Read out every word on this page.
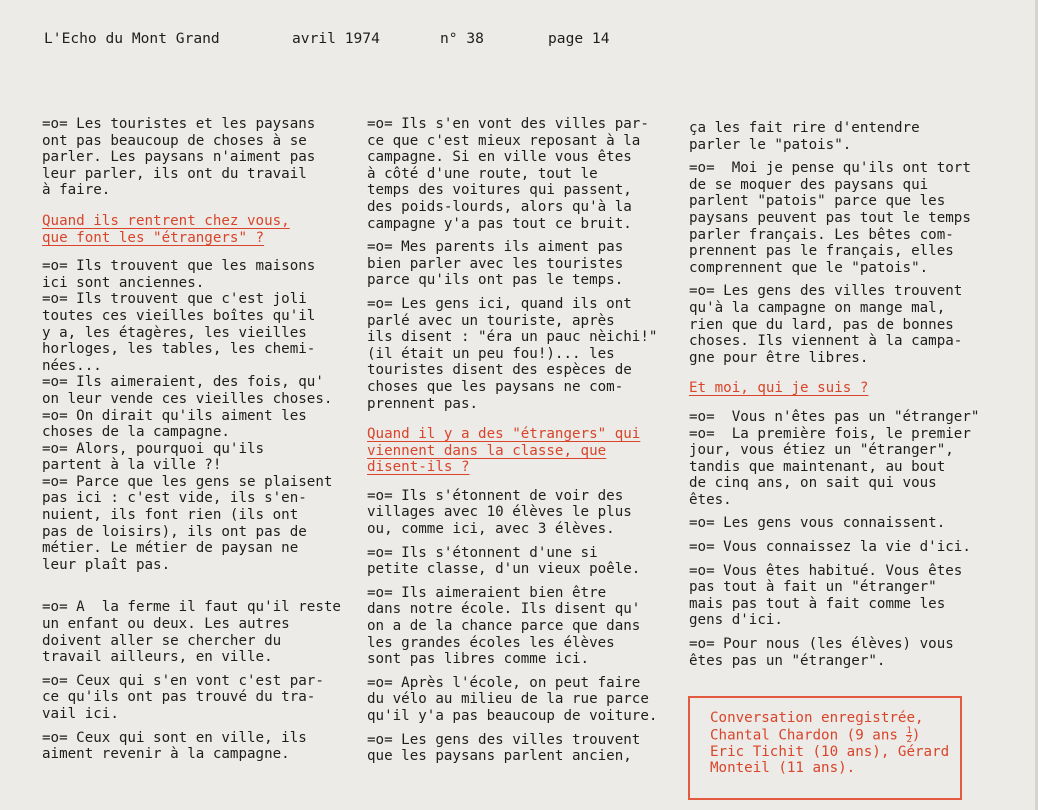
L'Echo du Mont Grand	avril 1974	n° 38	page 14

=o= Les touristes et les paysans
ont pas beaucoup de choses à se
parler. Les paysans n'aiment pas
leur parler, ils ont du travail
à faire.

Quand ils rentrent chez vous,
que font les "étrangers" ?

=o= Ils trouvent que les maisons
ici sont anciennes.
=o= Ils trouvent que c'est joli
toutes ces vieilles boîtes qu'il
y a, les étagères, les vieilles
horloges, les tables, les chemi-
nées...
=o= Ils aimeraient, des fois, qu'
on leur vende ces vieilles choses.
=o= On dirait qu'ils aiment les
choses de la campagne.
=o= Alors, pourquoi qu'ils
partent à la ville ?!
=o= Parce que les gens se plaisent
pas ici : c'est vide, ils s'en-
nuient, ils font rien (ils ont
pas de loisirs), ils ont pas de
métier. Le métier de paysan ne
leur plaît pas.

=o= A  la ferme il faut qu'il reste
un enfant ou deux. Les autres
doivent aller se chercher du
travail ailleurs, en ville.

=o= Ceux qui s'en vont c'est par-
ce qu'ils ont pas trouvé du tra-
vail ici.

=o= Ceux qui sont en ville, ils
aiment revenir à la campagne.

=o= Ils s'en vont des villes par-
ce que c'est mieux reposant à la
campagne. Si en ville vous êtes
à côté d'une route, tout le
temps des voitures qui passent,
des poids-lourds, alors qu'à la
campagne y'a pas tout ce bruit.

=o= Mes parents ils aiment pas
bien parler avec les touristes
parce qu'ils ont pas le temps.

=o= Les gens ici, quand ils ont
parlé avec un touriste, après
ils disent : "éra un pauc nèichi!"
(il était un peu fou!)... les
touristes disent des espèces de
choses que les paysans ne com-
prennent pas.

Quand il y a des "étrangers" qui
viennent dans la classe, que
disent-ils ?

=o= Ils s'étonnent de voir des
villages avec 10 élèves le plus
ou, comme ici, avec 3 élèves.

=o= Ils s'étonnent d'une si
petite classe, d'un vieux poêle.

=o= Ils aimeraient bien être
dans notre école. Ils disent qu'
on a de la chance parce que dans
les grandes écoles les élèves
sont pas libres comme ici.

=o= Après l'école, on peut faire
du vélo au milieu de la rue parce
qu'il y'a pas beaucoup de voiture.

=o= Les gens des villes trouvent
que les paysans parlent ancien,

ça les fait rire d'entendre
parler le "patois".

=o=  Moi je pense qu'ils ont tort
de se moquer des paysans qui
parlent "patois" parce que les
paysans peuvent pas tout le temps
parler français. Les bêtes com-
prennent pas le français, elles
comprennent que le "patois".

=o= Les gens des villes trouvent
qu'à la campagne on mange mal,
rien que du lard, pas de bonnes
choses. Ils viennent à la campa-
gne pour être libres.

Et moi, qui je suis ?

=o=  Vous n'êtes pas un "étranger"
=o=  La première fois, le premier
jour, vous étiez un "étranger",
tandis que maintenant, au bout
de cinq ans, on sait qui vous
êtes.

=o= Les gens vous connaissent.

=o= Vous connaissez la vie d'ici.

=o= Vous êtes habitué. Vous êtes
pas tout à fait un "étranger"
mais pas tout à fait comme les
gens d'ici.

=o= Pour nous (les élèves) vous
êtes pas un "étranger".

Conversation enregistrée,
Chantal Chardon (9 ans $\frac{1}{2}$)
Eric Tichit (10 ans), Gérard
Monteil (11 ans).
